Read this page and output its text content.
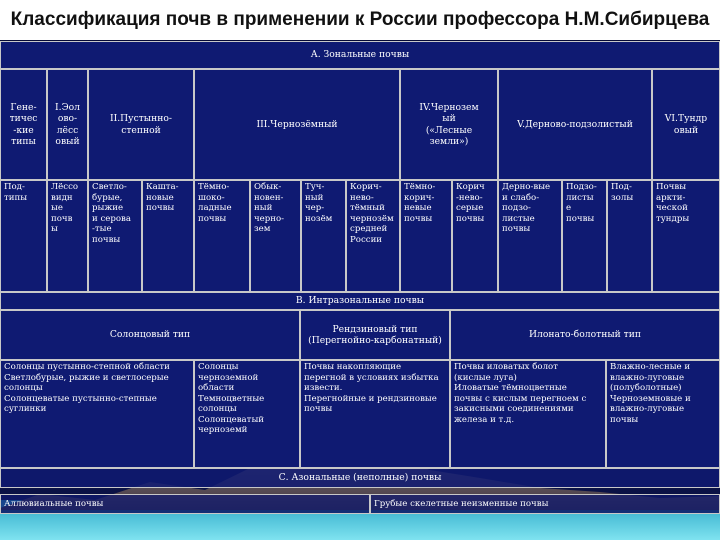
Классификация почв в применении к России профессора Н.М.Сибирцева
А. Зональные почвы
Гене-
тичес
-кие
типы
I.Эол
ово-
лёсс
овый
II.Пустынно-
степной
III.Чернозёмный
IV.Чернозем
ый
(«Лесные
земли»)
V.Дерново-подзолистый
VI.Тундр
овый
Под-
типы
Лёссо
видн
ые
почв
ы
Светло-
бурые,
рыжие
и серова
-тые
почвы
Кашта-
новые
почвы
Тёмно-
шоко-
ладные
почвы
Обык-
новен-
ный
черно-
зем
Туч-
ный
чер-
нозём
Корич-
нево-
тёмный
чернозём
средней
России
Тёмно-
корич-
невые
почвы
Корич
-нево-
серые
почвы
Дерно-вые
и слабо-
подзо-
листые
почвы
Подзо-
листы
е
почвы
Под-
золы
Почвы
аркти-
ческой
тундры
В. Интразональные почвы
Солонцовый тип
Рендзиновый тип
(Перегнойно-карбонатный)
Илонато-болотный тип
Солонцы пустынно-степной области
Светлобурые, рыжие и светлосерые
солонцы
Солонцеватые пустынно-степные
суглинки
Солонцы
черноземной
области
Темноцветные
солонцы
Солонцеватый
черноземй
Почвы накопляющие
перегной в условиях избытка
извести.
Перегнойные и рендзиновые
почвы
Почвы иловатых болот
(кислые луга)
Иловатые тёмноцветные
почвы с кислым перегноем с
закисными соединениями
железа и т.д.
Влажно-лесные и
влажно-луговые
(полуболотные)
Черноземновые и
влажно-луговые
почвы
С. Азональные (неполные) почвы
Аллювиальные почвы	Грубые скелетные неизменные почвы
